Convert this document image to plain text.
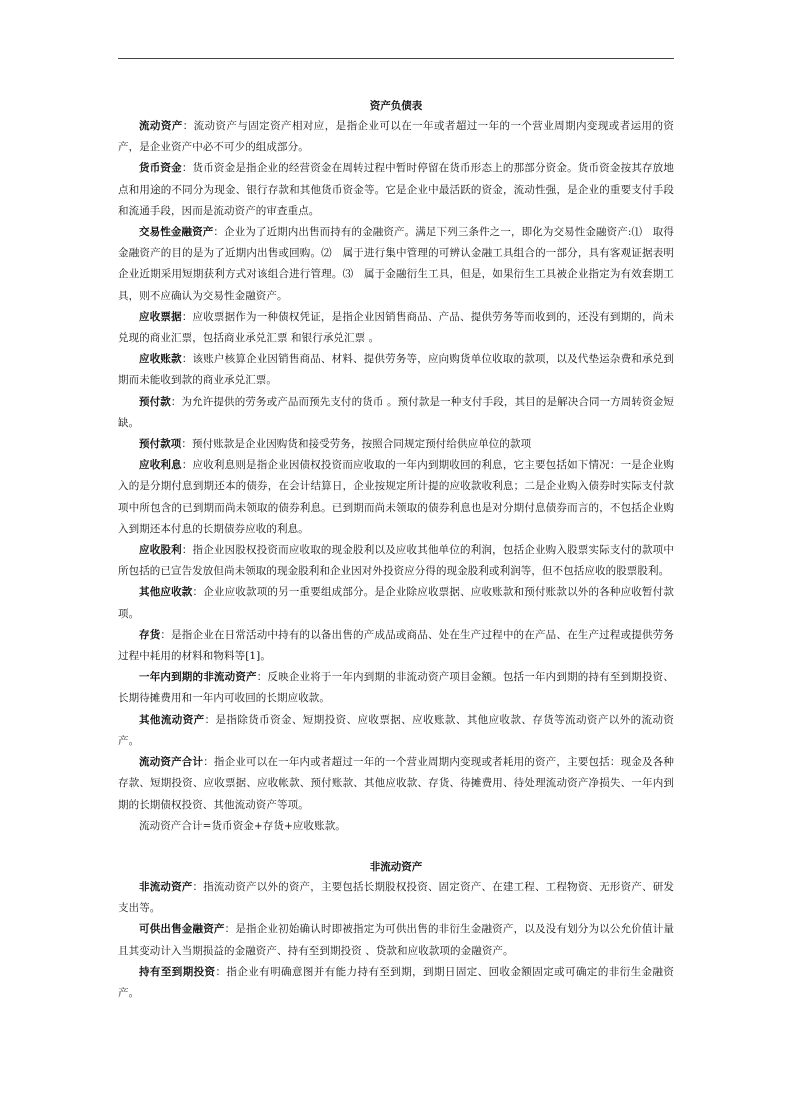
资产负债表

流动资产：流动资产与固定资产相对应，是指企业可以在一年或者超过一年的一个营业周期内变现或者运用的资产，是企业资产中必不可少的组成部分。

货币资金：货币资金是指企业的经营资金在周转过程中暂时停留在货币形态上的那部分资金。货币资金按其存放地点和用途的不同分为现金、银行存款和其他货币资金等。它是企业中最活跃的资金，流动性强，是企业的重要支付手段和流通手段，因而是流动资产的审查重点。

交易性金融资产：企业为了近期内出售而持有的金融资产。满足下列三条件之一，即化为交易性金融资产:⑴　取得金融资产的目的是为了近期内出售或回购。⑵　属于进行集中管理的可辨认金融工具组合的一部分，具有客观证据表明企业近期采用短期获利方式对该组合进行管理。⑶　属于金融衍生工具，但是，如果衍生工具被企业指定为有效套期工具，则不应确认为交易性金融资产。

应收票据：应收票据作为一种债权凭证，是指企业因销售商品、产品、提供劳务等而收到的，还没有到期的，尚未兑现的商业汇票，包括商业承兑汇票 和银行承兑汇票 。

应收账款：该账户核算企业因销售商品、材料、提供劳务等，应向购货单位收取的款项，以及代垫运杂费和承兑到期而未能收到款的商业承兑汇票。

预付款：为允许提供的劳务或产品而预先支付的货币 。预付款是一种支付手段，其目的是解决合同一方周转资金短缺。

预付款项：预付账款是企业因购货和接受劳务，按照合同规定预付给供应单位的款项

应收利息：应收利息则是指企业因债权投资而应收取的一年内到期收回的利息，它主要包括如下情况：一是企业购入的是分期付息到期还本的债券，在会计结算日，企业按规定所计提的应收款收利息；二是企业购入债券时实际支付款项中所包含的已到期而尚未领取的债券利息。已到期而尚未领取的债券利息也是对分期付息债券而言的，不包括企业购入到期还本付息的长期债券应收的利息。

应收股利：指企业因股权投资而应收取的现金股利以及应收其他单位的利润，包括企业购入股票实际支付的款项中所包括的已宣告发放但尚未领取的现金股利和企业因对外投资应分得的现金股利或利润等，但不包括应收的股票股利。

其他应收款：企业应收款项的另一重要组成部分。是企业除应收票据、应收账款和预付账款以外的各种应收暂付款项。

存货：是指企业在日常活动中持有的以备出售的产成品或商品、处在生产过程中的在产品、在生产过程或提供劳务过程中耗用的材料和物料等[1]。

一年内到期的非流动资产：反映企业将于一年内到期的非流动资产项目金额。包括一年内到期的持有至到期投资、长期待摊费用和一年内可收回的长期应收款。

其他流动资产：是指除货币资金、短期投资、应收票据、应收账款、其他应收款、存货等流动资产以外的流动资产。

流动资产合计：指企业可以在一年内或者超过一年的一个营业周期内变现或者耗用的资产，主要包括：现金及各种存款、短期投资、应收票据、应收帐款、预付账款、其他应收款、存货、待摊费用、待处理流动资产净损失、一年内到期的长期债权投资、其他流动资产等项。

流动资产合计=货币资金+存货+应收账款。

非流动资产

非流动资产：指流动资产以外的资产，主要包括长期股权投资、固定资产、在建工程、工程物资、无形资产、研发支出等。

可供出售金融资产：是指企业初始确认时即被指定为可供出售的非衍生金融资产，以及没有划分为以公允价值计量且其变动计入当期损益的金融资产、持有至到期投资 、贷款和应收款项的金融资产。

持有至到期投资：指企业有明确意图并有能力持有至到期，到期日固定、回收金额固定或可确定的非衍生金融资产。
